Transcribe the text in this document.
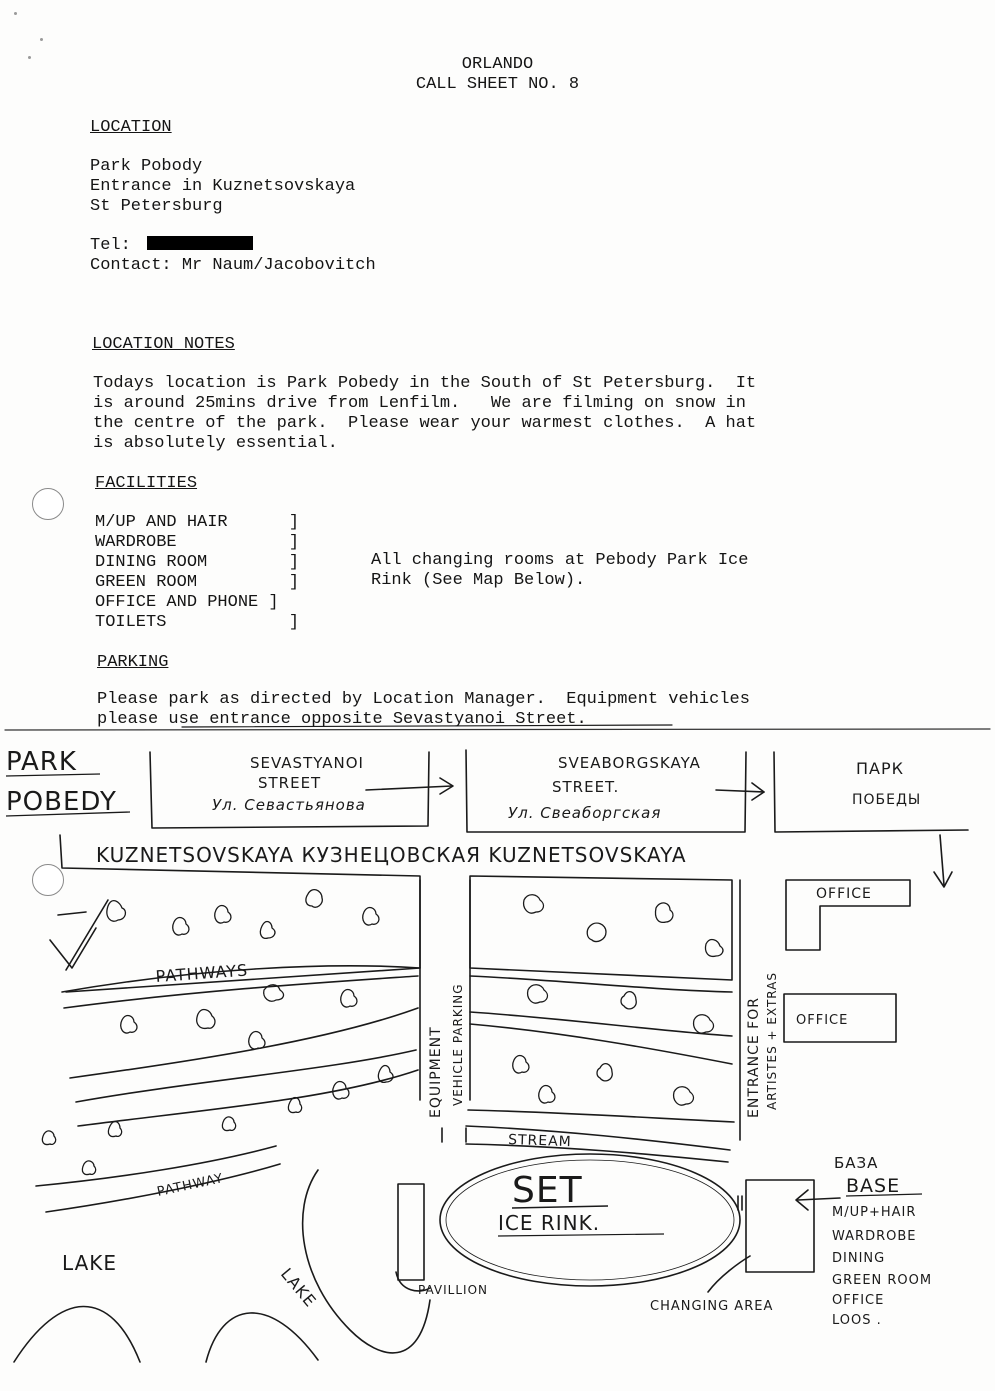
ORLANDO
CALL SHEET NO. 8
LOCATION
Park Pobody
Entrance in Kuznetsovskaya
St Petersburg
Tel:
Contact: Mr Naum/Jacobovitch
LOCATION NOTES
Todays location is Park Pobedy in the South of St Petersburg.  It
is around 25mins drive from Lenfilm.   We are filming on snow in
the centre of the park.  Please wear your warmest clothes.  A hat
is absolutely essential.
FACILITIES
M/UP AND HAIR      ]
WARDROBE           ]
DINING ROOM        ]
GREEN ROOM         ]
OFFICE AND PHONE ]
TOILETS            ]
All changing rooms at Pebody Park Ice
Rink (See Map Below).
PARKING
Please park as directed by Location Manager.  Equipment vehicles
please use entrance opposite Sevastyanoi Street.
PARK
POBEDY
SEVASTYANOI
STREET
Ул. Севастьянова
SVEABORGSKAYA
STREET.
Ул. Свеаборгская
ПАРК
ПОБЕДЫ
KUZNETSOVSKAYA КУЗНЕЦОВСКАЯ KUZNETSOVSKAYA
PATHWAYS
PATHWAY
EQUIPMENT VEHICLE PARKING	ENTRANCE FOR ARTISTES + EXTRAS
OFFICE
OFFICE
STREAM
SET
ICE RINK.
PAVILLION
CHANGING AREA
LAKE
LAKE
БАЗА
BASE
M/UP+HAIR
WARDROBE
DINING
GREEN ROOM
OFFICE
LOOS .
